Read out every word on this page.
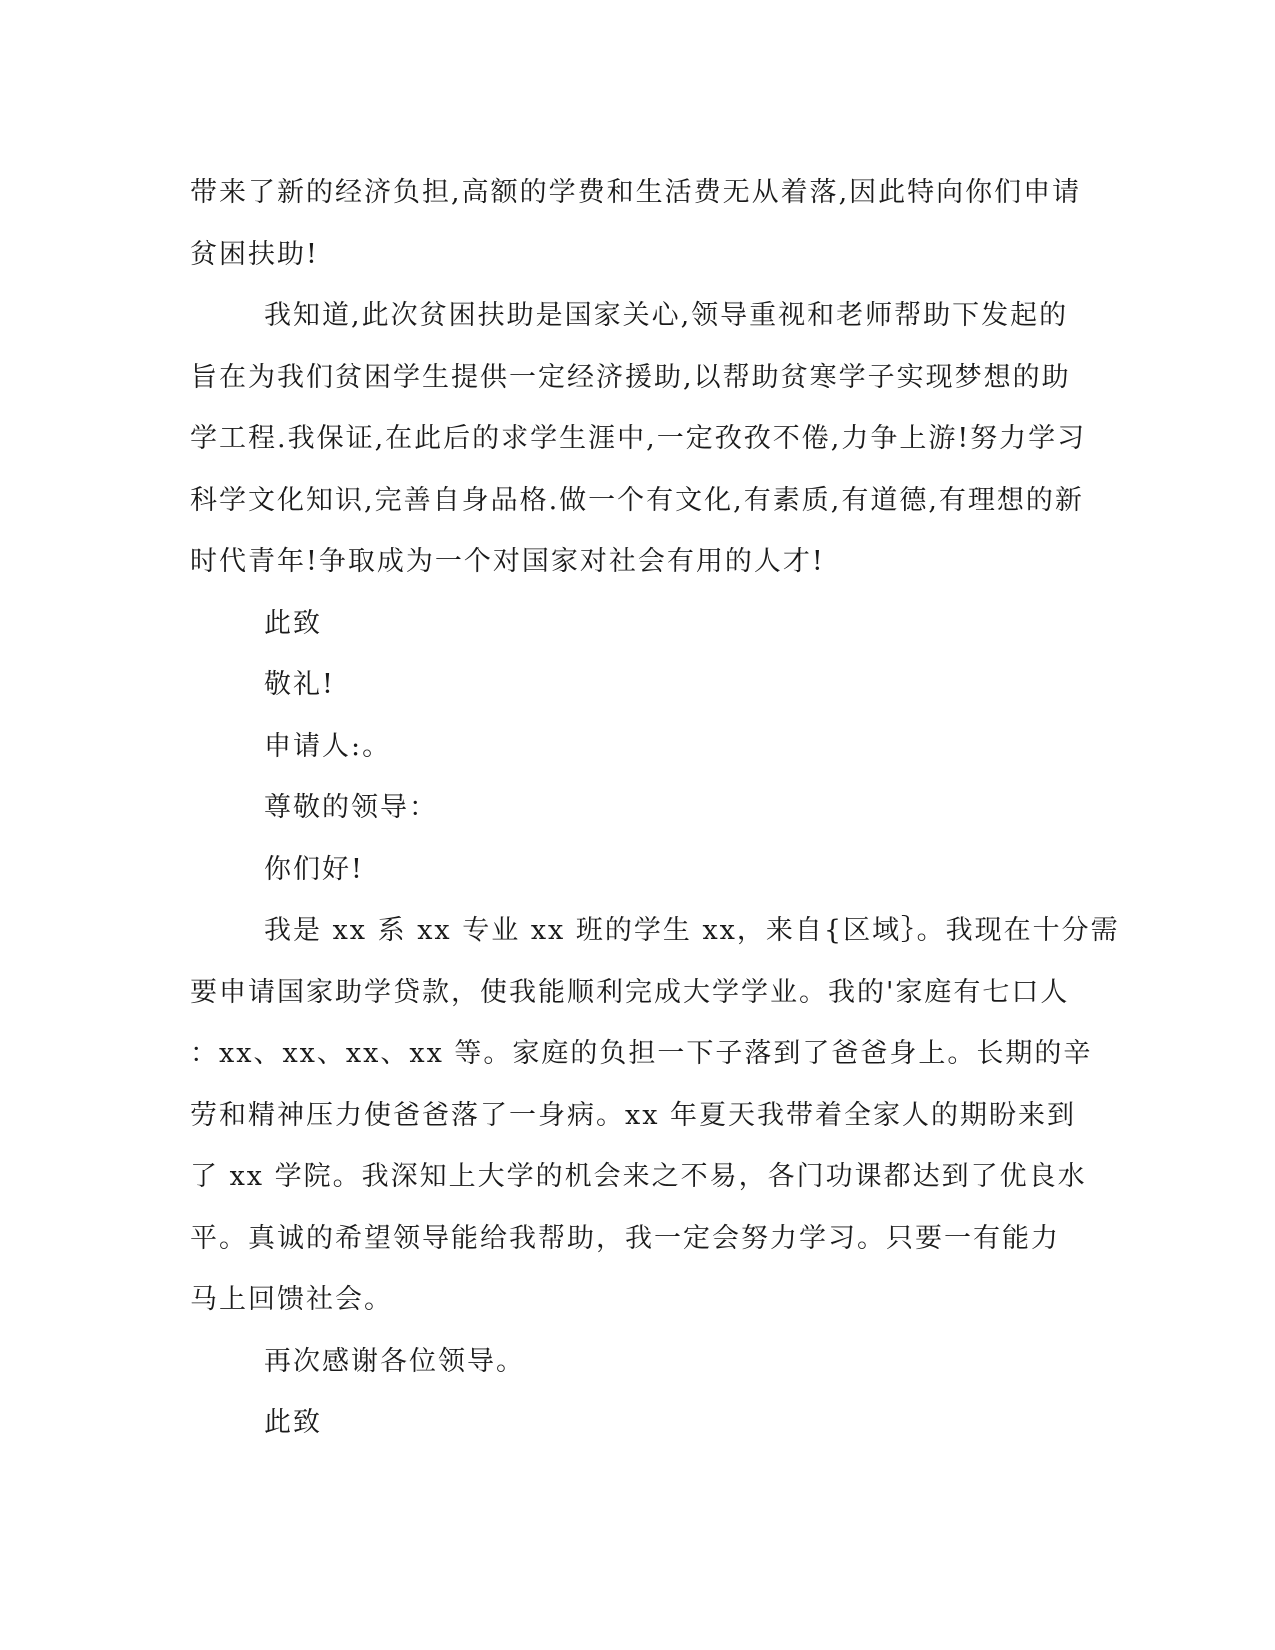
带来了新的经济负担,高额的学费和生活费无从着落,因此特向你们申请
贫困扶助!
我知道,此次贫困扶助是国家关心,领导重视和老师帮助下发起的
旨在为我们贫困学生提供一定经济援助,以帮助贫寒学子实现梦想的助
学工程.我保证,在此后的求学生涯中,一定孜孜不倦,力争上游!努力学习
科学文化知识,完善自身品格.做一个有文化,有素质,有道德,有理想的新
时代青年!争取成为一个对国家对社会有用的人才!
此致
敬礼!
申请人:。
尊敬的领导：
你们好!
我是 xx 系 xx 专业 xx 班的学生 xx，来自{区域｝。我现在十分需
要申请国家助学贷款，使我能顺利完成大学学业。我的'家庭有七口人
：xx、xx、xx、xx 等。家庭的负担一下子落到了爸爸身上。长期的辛
劳和精神压力使爸爸落了一身病。xx 年夏天我带着全家人的期盼来到
了 xx 学院。我深知上大学的机会来之不易，各门功课都达到了优良水
平。真诚的希望领导能给我帮助，我一定会努力学习。只要一有能力
马上回馈社会。
再次感谢各位领导。
此致
